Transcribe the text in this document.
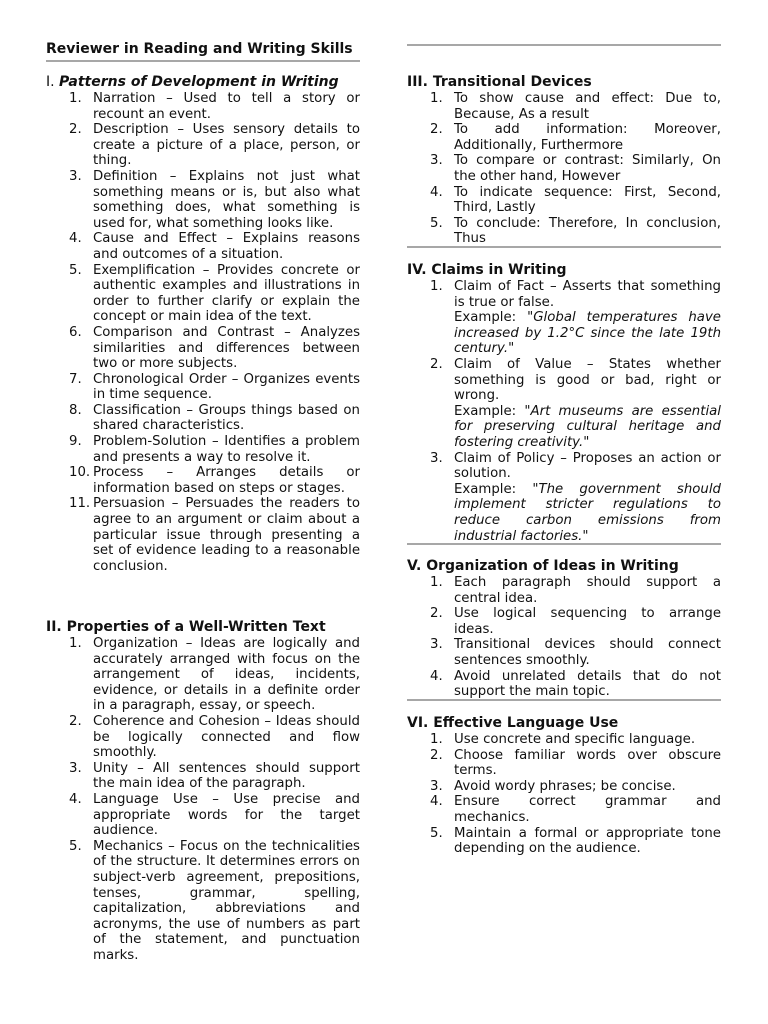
Reviewer in Reading and Writing Skills
I. Patterns of Development in Writing
1. Narration – Used to tell a story or recount an event.
2. Description – Uses sensory details to create a picture of a place, person, or thing.
3. Definition – Explains not just what something means or is, but also what something does, what something is used for, what something looks like.
4. Cause and Effect – Explains reasons and outcomes of a situation.
5. Exemplification – Provides concrete or authentic examples and illustrations in order to further clarify or explain the concept or main idea of the text.
6. Comparison and Contrast – Analyzes similarities and differences between two or more subjects.
7. Chronological Order – Organizes events in time sequence.
8. Classification – Groups things based on shared characteristics.
9. Problem-Solution – Identifies a problem and presents a way to resolve it.
10. Process – Arranges details or information based on steps or stages.
11. Persuasion – Persuades the readers to agree to an argument or claim about a particular issue through presenting a set of evidence leading to a reasonable conclusion.
II. Properties of a Well-Written Text
1. Organization – Ideas are logically and accurately arranged with focus on the arrangement of ideas, incidents, evidence, or details in a definite order in a paragraph, essay, or speech.
2. Coherence and Cohesion – Ideas should be logically connected and flow smoothly.
3. Unity – All sentences should support the main idea of the paragraph.
4. Language Use – Use precise and appropriate words for the target audience.
5. Mechanics – Focus on the technicalities of the structure. It determines errors on subject-verb agreement, prepositions, tenses, grammar, spelling, capitalization, abbreviations and acronyms, the use of numbers as part of the statement, and punctuation marks.
III. Transitional Devices
1. To show cause and effect: Due to, Because, As a result
2. To add information: Moreover, Additionally, Furthermore
3. To compare or contrast: Similarly, On the other hand, However
4. To indicate sequence: First, Second, Third, Lastly
5. To conclude: Therefore, In conclusion, Thus
IV. Claims in Writing
1. Claim of Fact – Asserts that something is true or false.
Example: "Global temperatures have increased by 1.2°C since the late 19th century."
2. Claim of Value – States whether something is good or bad, right or wrong.
Example: "Art museums are essential for preserving cultural heritage and fostering creativity."
3. Claim of Policy – Proposes an action or solution.
Example: "The government should implement stricter regulations to reduce carbon emissions from industrial factories."
V. Organization of Ideas in Writing
1. Each paragraph should support a central idea.
2. Use logical sequencing to arrange ideas.
3. Transitional devices should connect sentences smoothly.
4. Avoid unrelated details that do not support the main topic.
VI. Effective Language Use
1. Use concrete and specific language.
2. Choose familiar words over obscure terms.
3. Avoid wordy phrases; be concise.
4. Ensure correct grammar and mechanics.
5. Maintain a formal or appropriate tone depending on the audience.
